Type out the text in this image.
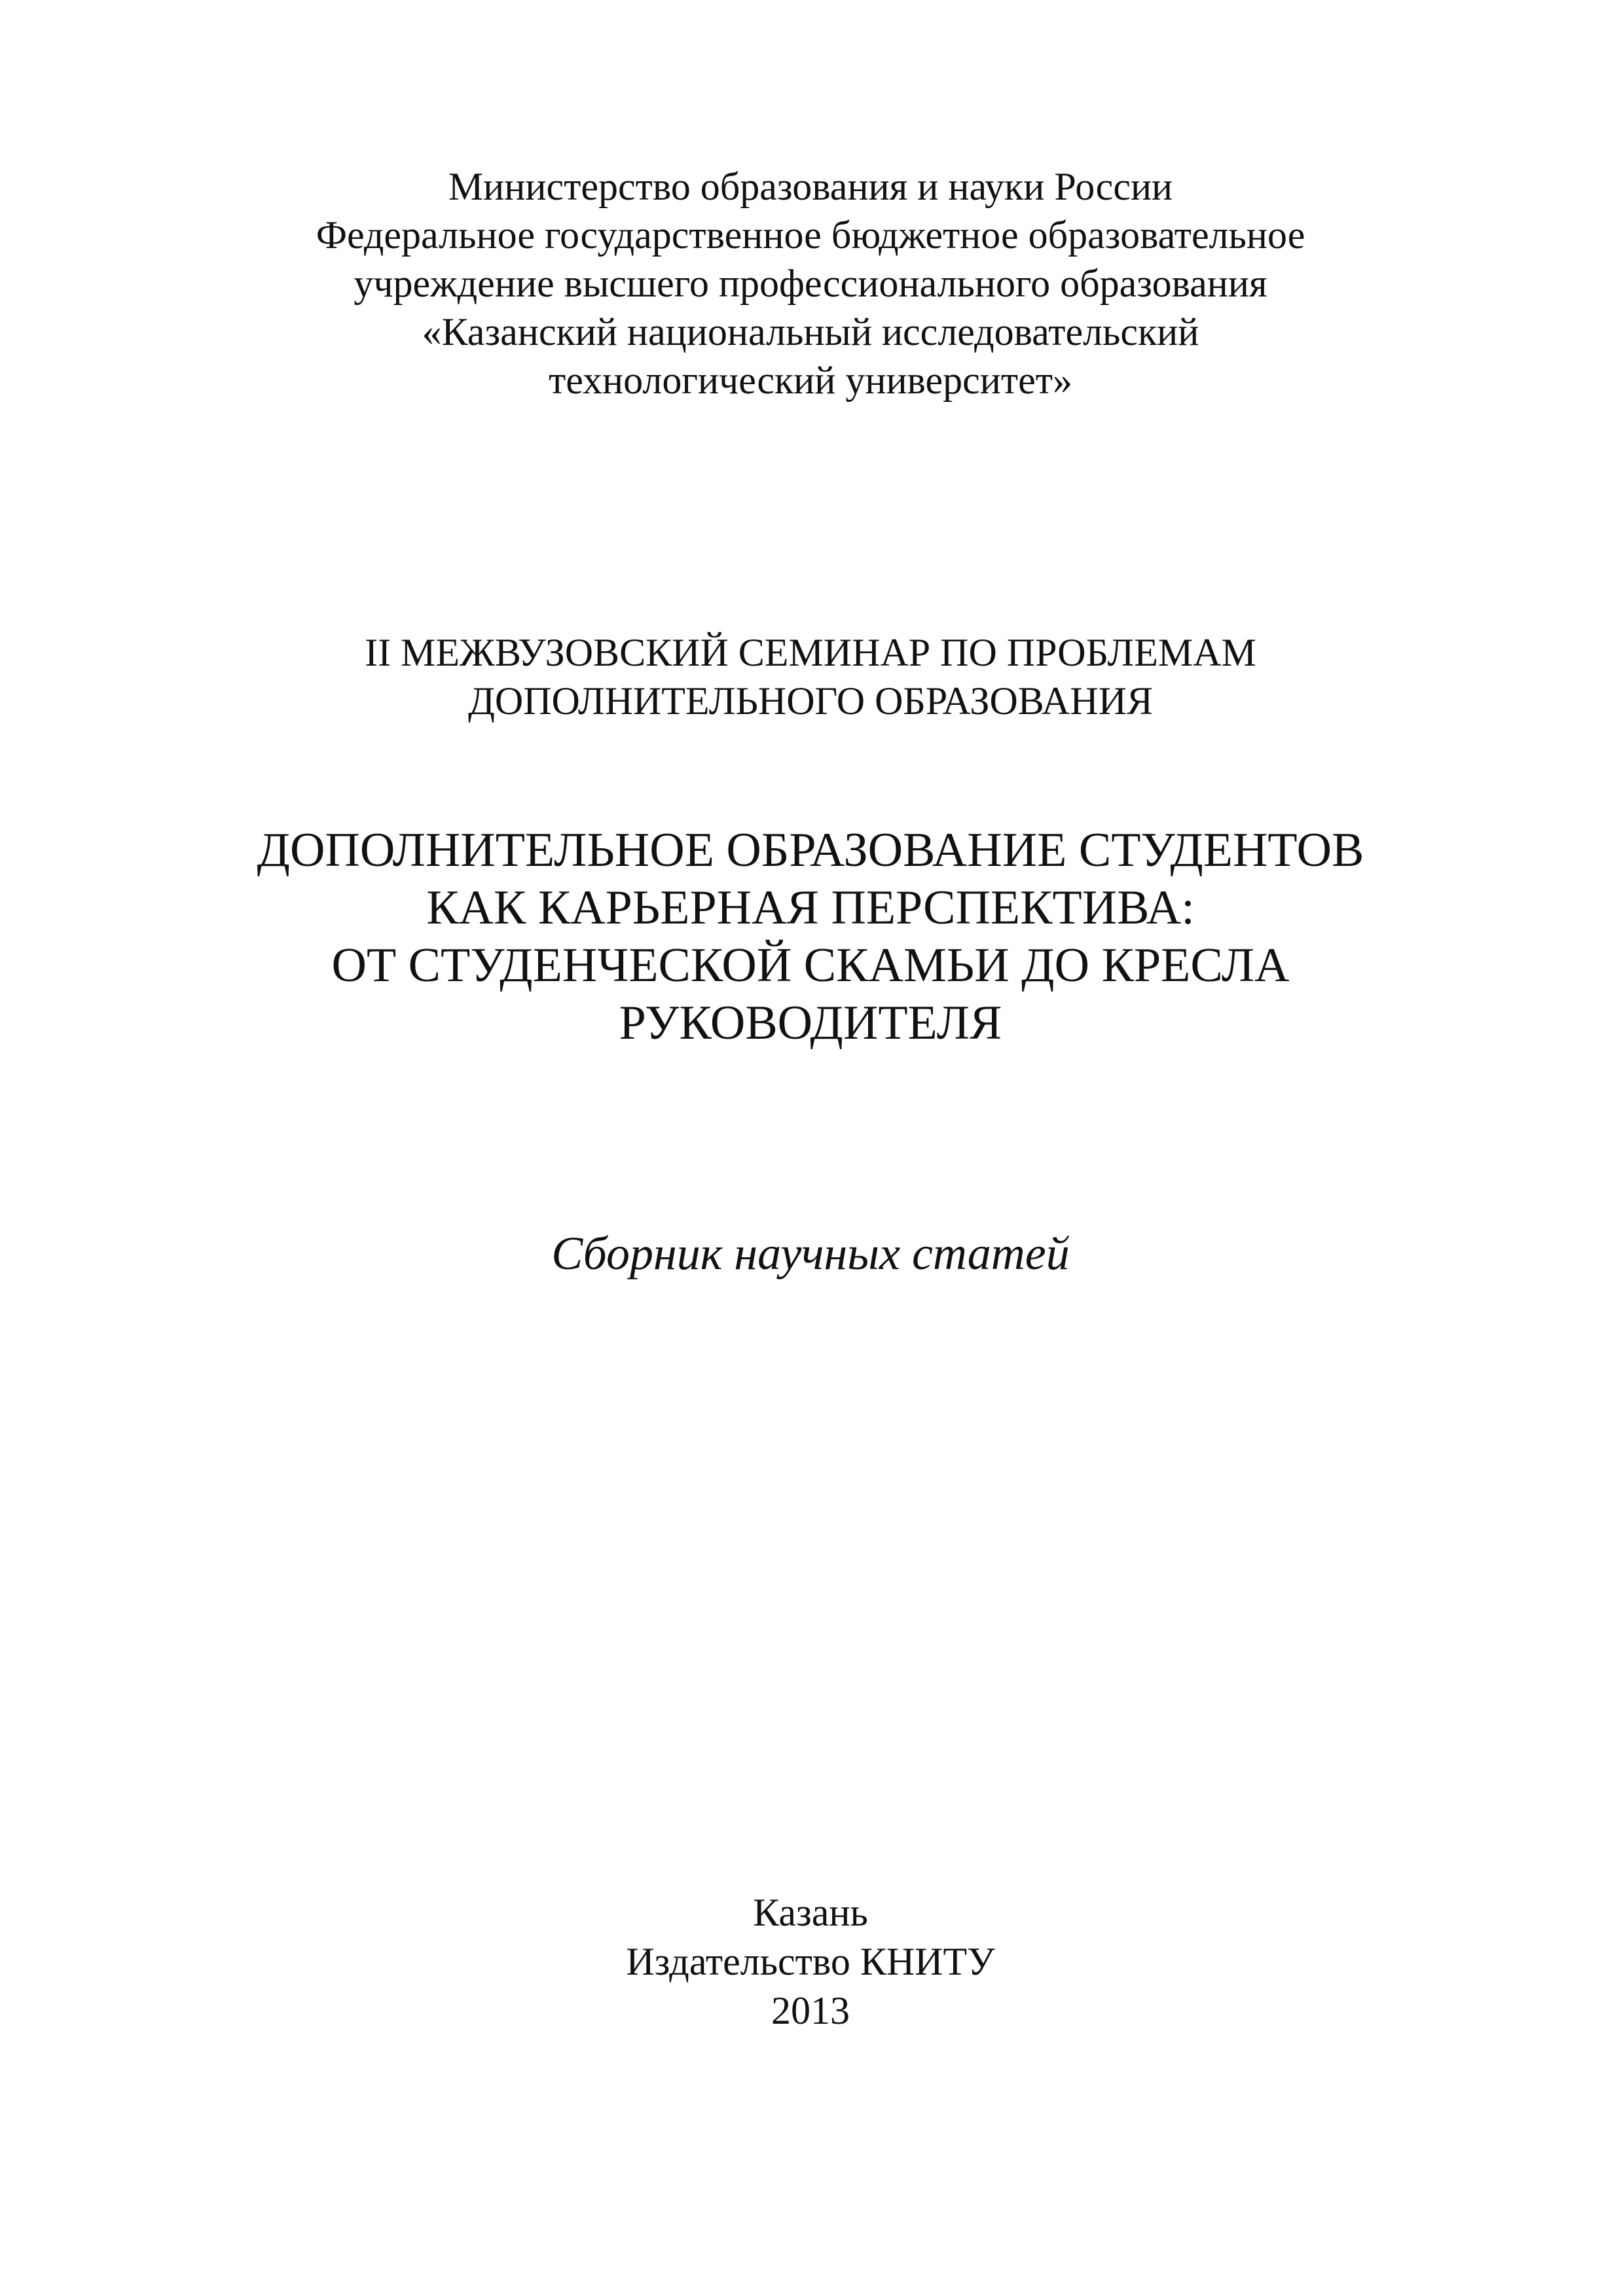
Министерство образования и науки России
Федеральное государственное бюджетное образовательное
учреждение высшего профессионального образования
«Казанский национальный исследовательский
технологический университет»
II МЕЖВУЗОВСКИЙ СЕМИНАР ПО ПРОБЛЕМАМ
ДОПОЛНИТЕЛЬНОГО ОБРАЗОВАНИЯ
ДОПОЛНИТЕЛЬНОЕ ОБРАЗОВАНИЕ СТУДЕНТОВ
КАК КАРЬЕРНАЯ ПЕРСПЕКТИВА:
ОТ СТУДЕНЧЕСКОЙ СКАМЬИ ДО КРЕСЛА
РУКОВОДИТЕЛЯ
Сборник научных статей
Казань
Издательство КНИТУ
2013
